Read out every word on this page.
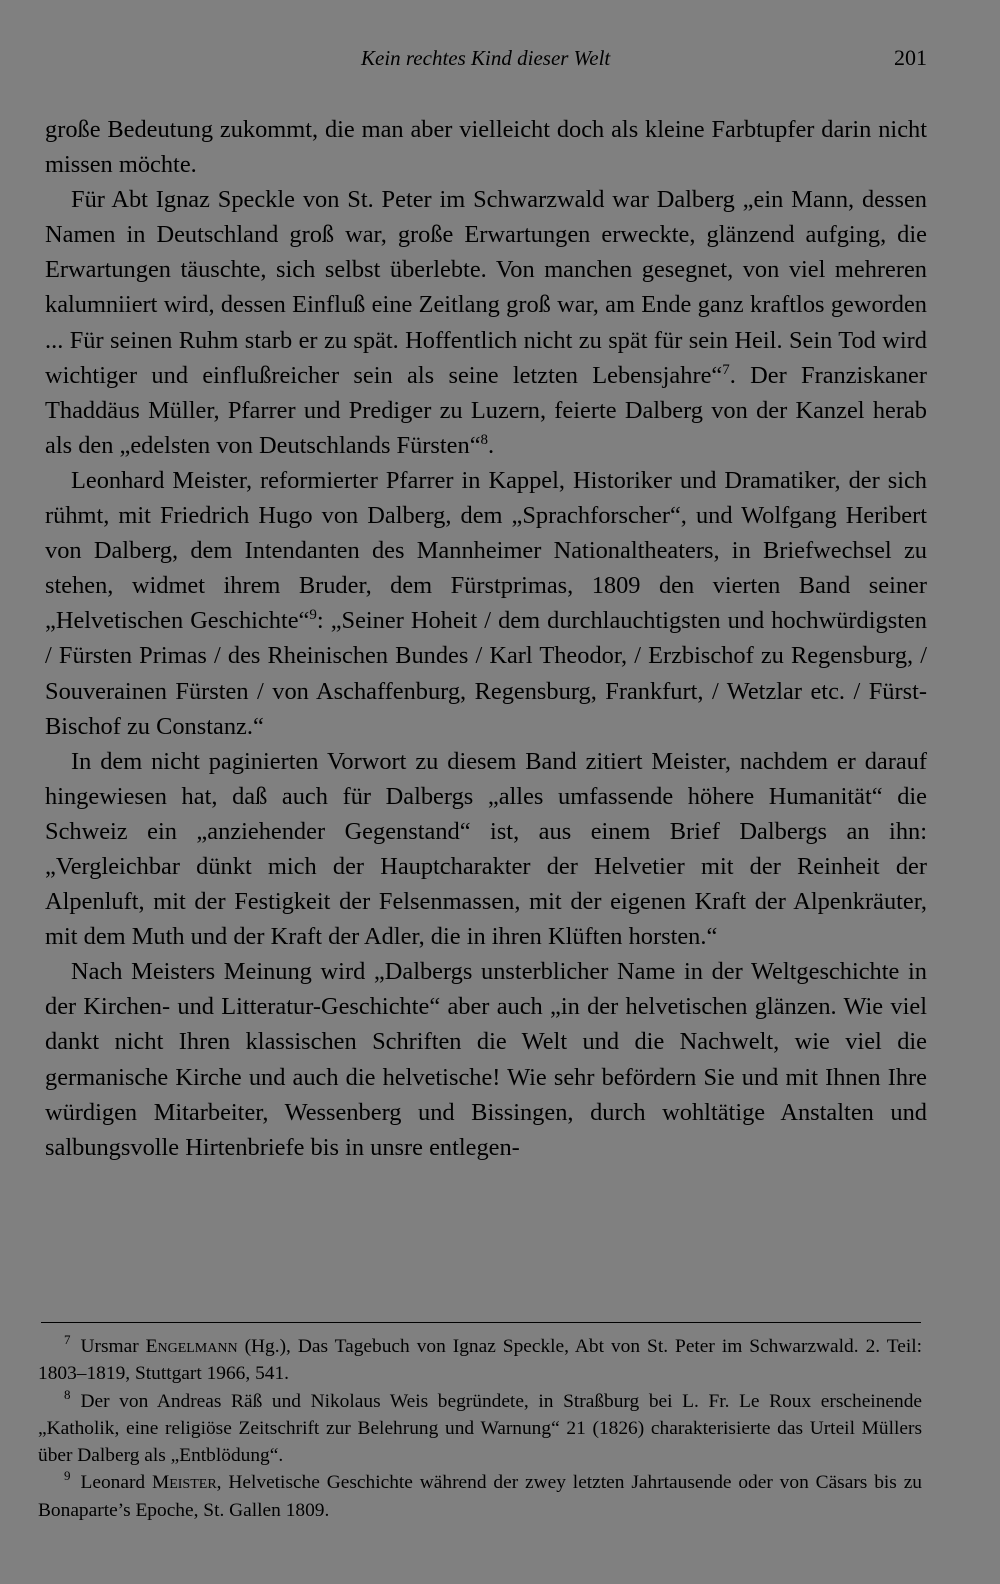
Kein rechtes Kind dieser Welt	201

große Bedeutung zukommt, die man aber vielleicht doch als kleine Farbtupfer darin nicht missen möchte.

Für Abt Ignaz Speckle von St. Peter im Schwarzwald war Dalberg „ein Mann, dessen Namen in Deutschland groß war, große Erwartungen erweckte, glänzend aufging, die Erwartungen täuschte, sich selbst überlebte. Von manchen gesegnet, von viel mehreren kalumniiert wird, dessen Einfluß eine Zeitlang groß war, am Ende ganz kraftlos geworden ... Für seinen Ruhm starb er zu spät. Hoffentlich nicht zu spät für sein Heil. Sein Tod wird wichtiger und einflußreicher sein als seine letzten Lebensjahre“$^7$. Der Franziskaner Thaddäus Müller, Pfarrer und Prediger zu Luzern, feierte Dalberg von der Kanzel herab als den „edelsten von Deutschlands Fürsten“$^8$.

Leonhard Meister, reformierter Pfarrer in Kappel, Historiker und Dramatiker, der sich rühmt, mit Friedrich Hugo von Dalberg, dem „Sprachforscher“, und Wolfgang Heribert von Dalberg, dem Intendanten des Mannheimer Nationaltheaters, in Briefwechsel zu stehen, widmet ihrem Bruder, dem Fürstprimas, 1809 den vierten Band seiner „Helvetischen Geschichte“$^9$: „Seiner Hoheit / dem durchlauchtigsten und hochwürdigsten / Fürsten Primas / des Rheinischen Bundes / Karl Theodor, / Erzbischof zu Regensburg, / Souverainen Fürsten / von Aschaffenburg, Regensburg, Frankfurt, / Wetzlar etc. / Fürst-Bischof zu Constanz.“

In dem nicht paginierten Vorwort zu diesem Band zitiert Meister, nachdem er darauf hingewiesen hat, daß auch für Dalbergs „alles umfassende höhere Humanität“ die Schweiz ein „anziehender Gegenstand“ ist, aus einem Brief Dalbergs an ihn: „Vergleichbar dünkt mich der Hauptcharakter der Helvetier mit der Reinheit der Alpenluft, mit der Festigkeit der Felsenmassen, mit der eigenen Kraft der Alpenkräuter, mit dem Muth und der Kraft der Adler, die in ihren Klüften horsten.“

Nach Meisters Meinung wird „Dalbergs unsterblicher Name in der Weltgeschichte in der Kirchen- und Litteratur-Geschichte“ aber auch „in der helvetischen glänzen. Wie viel dankt nicht Ihren klassischen Schriften die Welt und die Nachwelt, wie viel die germanische Kirche und auch die helvetische! Wie sehr befördern Sie und mit Ihnen Ihre würdigen Mitarbeiter, Wessenberg und Bissingen, durch wohltätige Anstalten und salbungsvolle Hirtenbriefe bis in unsre entlegen-

$^7$ Ursmar Engelmann (Hg.), Das Tagebuch von Ignaz Speckle, Abt von St. Peter im Schwarzwald. 2. Teil: 1803–1819, Stuttgart 1966, 541.

$^8$ Der von Andreas Räß und Nikolaus Weis begründete, in Straßburg bei L. Fr. Le Roux erscheinende „Katholik, eine religiöse Zeitschrift zur Belehrung und Warnung“ 21 (1826) charakterisierte das Urteil Müllers über Dalberg als „Entblödung“.

$^9$ Leonard Meister, Helvetische Geschichte während der zwey letzten Jahrtausende oder von Cäsars bis zu Bonaparte’s Epoche, St. Gallen 1809.
